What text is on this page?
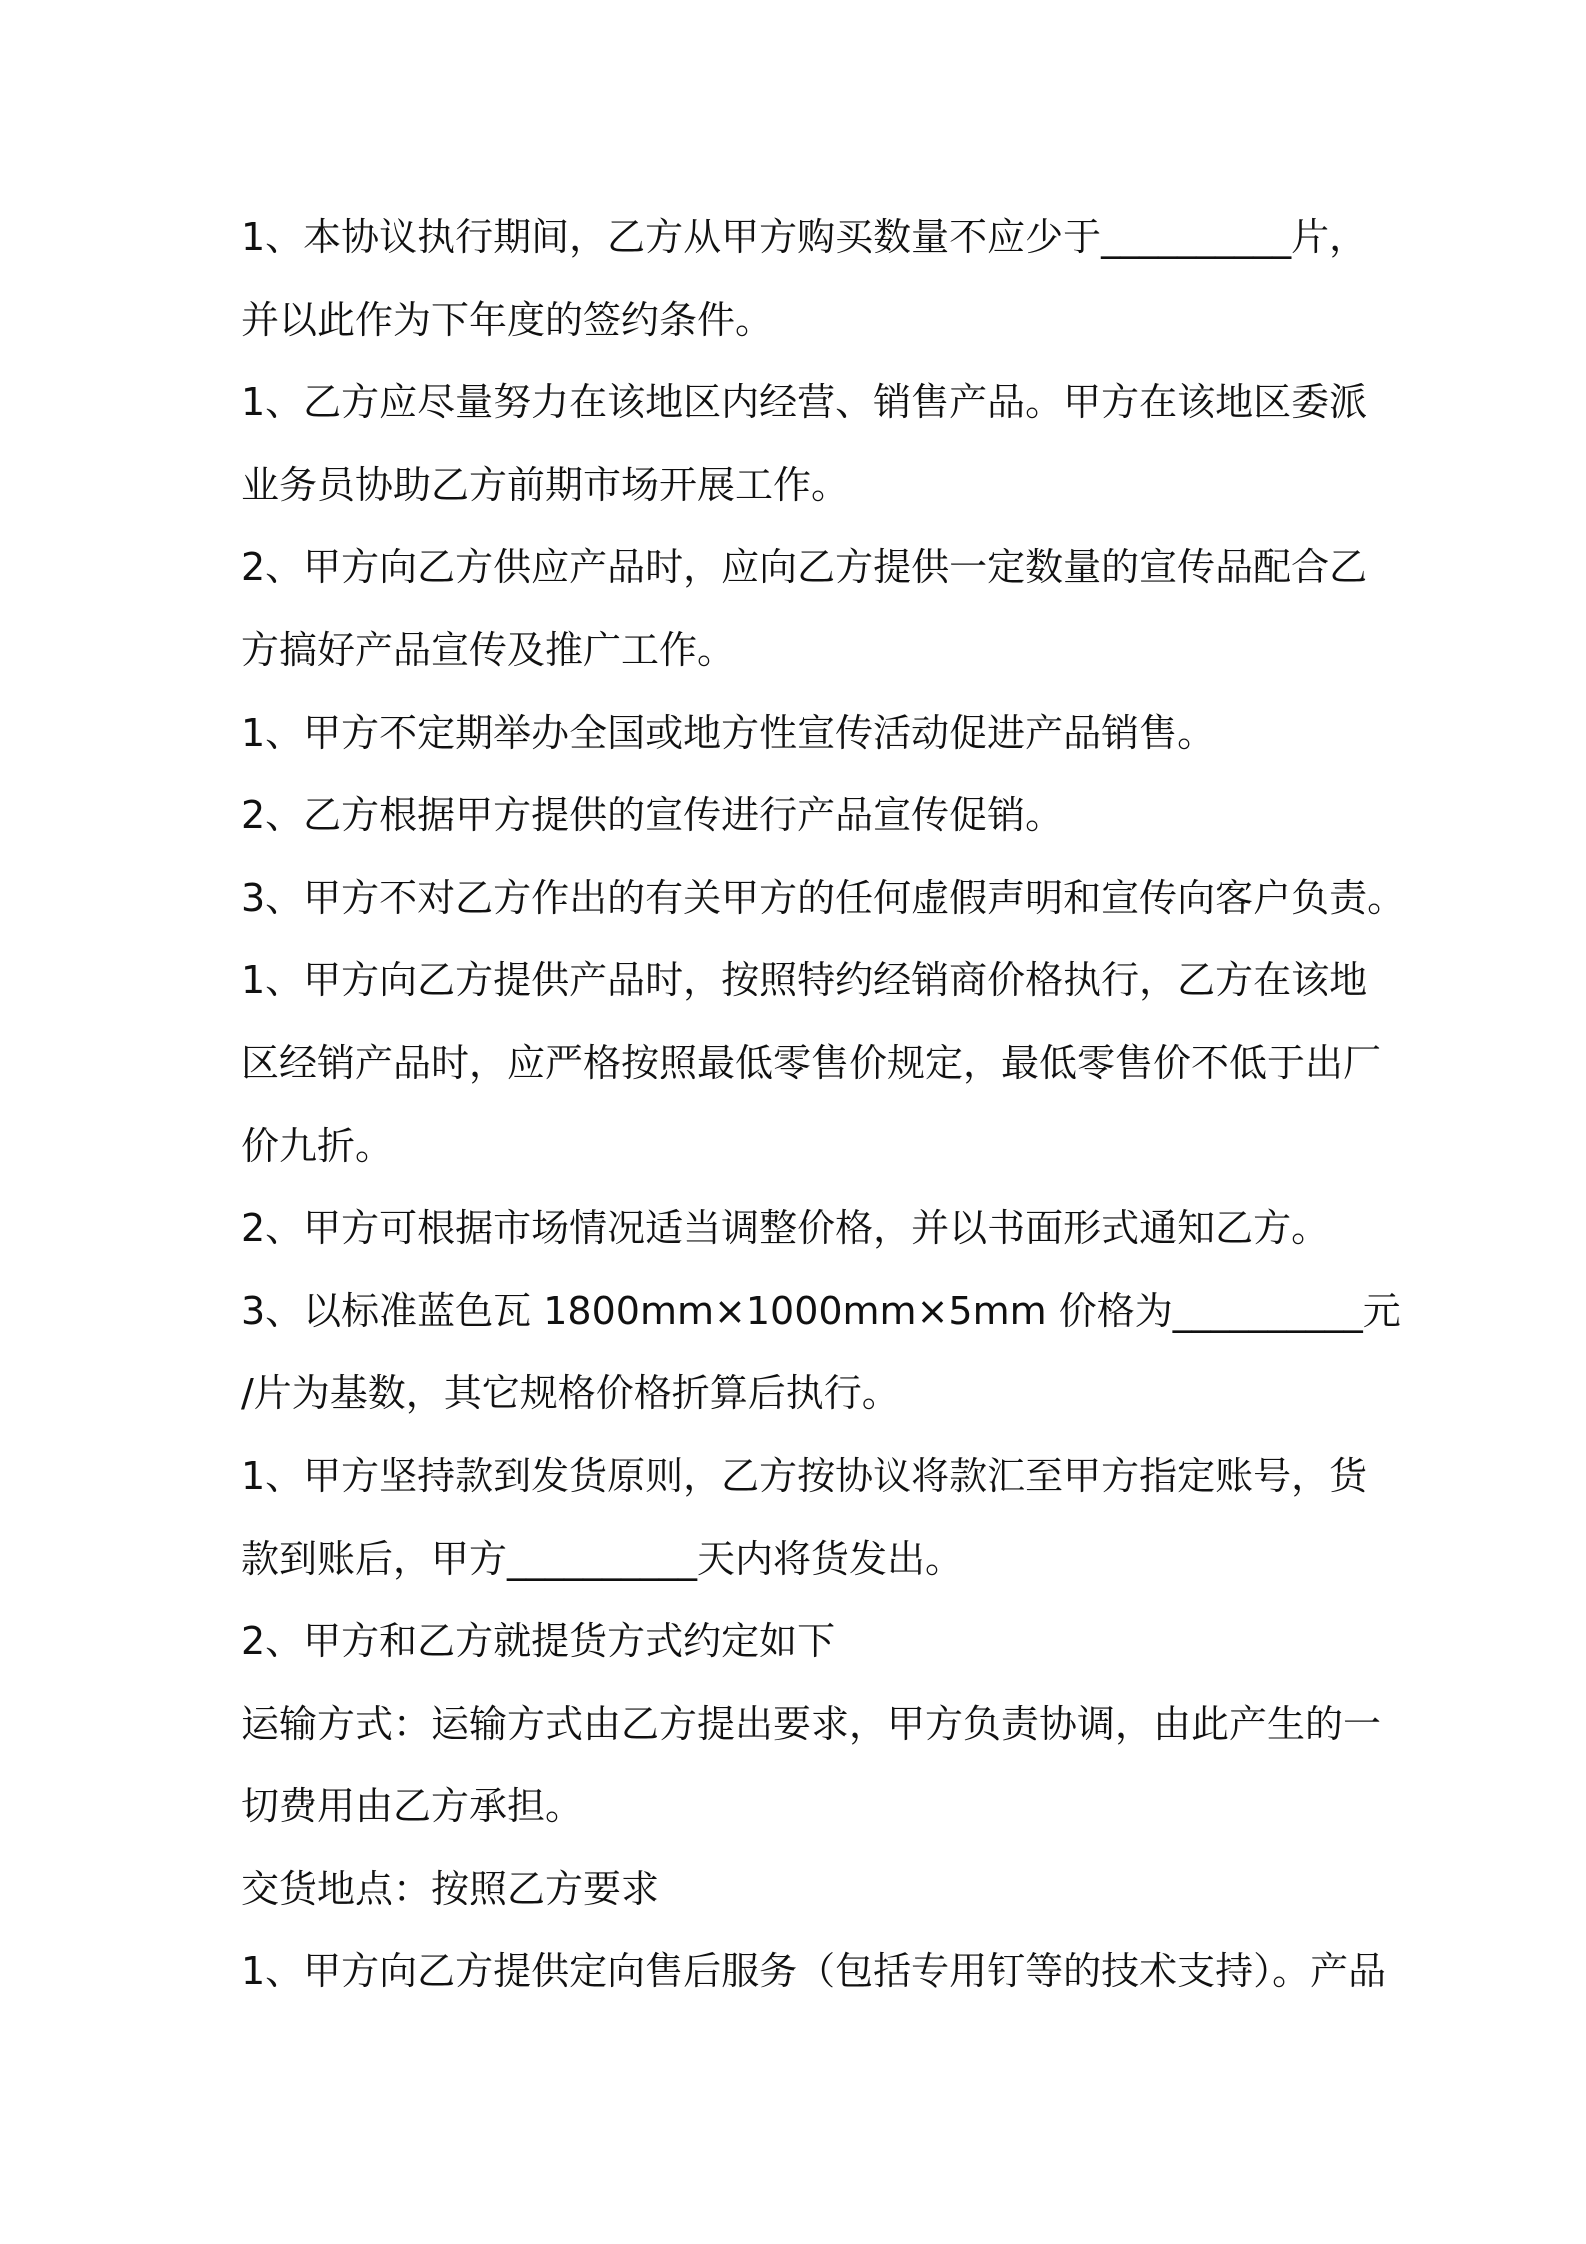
1、本协议执行期间，乙方从甲方购买数量不应少于__________片，

并以此作为下年度的签约条件。

1、乙方应尽量努力在该地区内经营、销售产品。甲方在该地区委派

业务员协助乙方前期市场开展工作。

2、甲方向乙方供应产品时，应向乙方提供一定数量的宣传品配合乙

方搞好产品宣传及推广工作。

1、甲方不定期举办全国或地方性宣传活动促进产品销售。

2、乙方根据甲方提供的宣传进行产品宣传促销。

3、甲方不对乙方作出的有关甲方的任何虚假声明和宣传向客户负责。

1、甲方向乙方提供产品时，按照特约经销商价格执行，乙方在该地

区经销产品时，应严格按照最低零售价规定，最低零售价不低于出厂

价九折。

2、甲方可根据市场情况适当调整价格，并以书面形式通知乙方。

3、以标准蓝色瓦 1800mm×1000mm×5mm 价格为__________元

/片为基数，其它规格价格折算后执行。

1、甲方坚持款到发货原则，乙方按协议将款汇至甲方指定账号，货

款到账后，甲方__________天内将货发出。

2、甲方和乙方就提货方式约定如下

运输方式：运输方式由乙方提出要求，甲方负责协调，由此产生的一

切费用由乙方承担。

交货地点：按照乙方要求

1、甲方向乙方提供定向售后服务（包括专用钉等的技术支持）。产品
